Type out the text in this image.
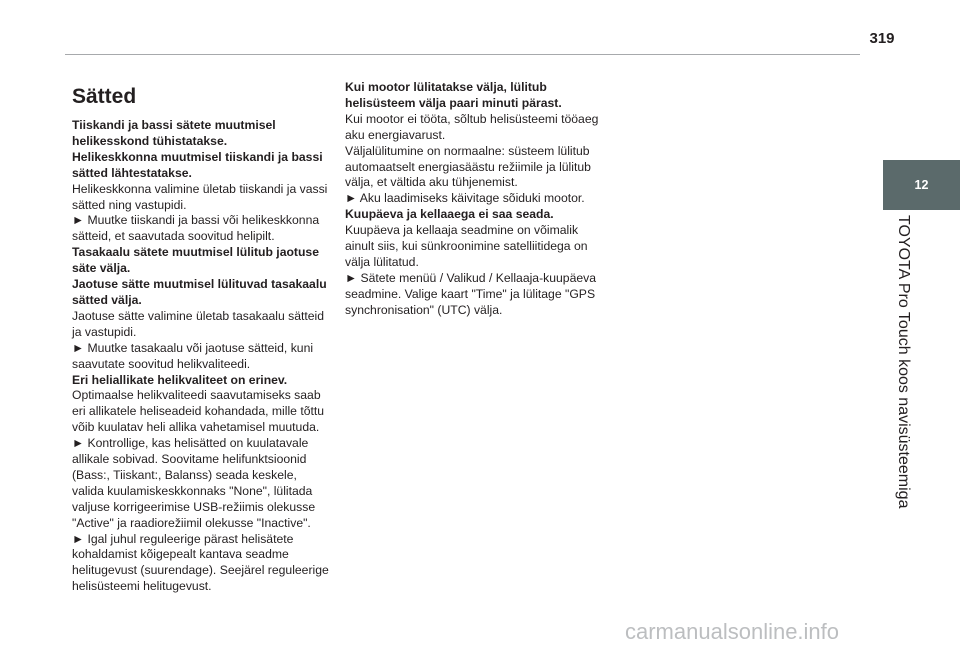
319
12
TOYOTA Pro Touch koos navisüsteemiga
Sätted

Tiiskandi ja bassi sätete muutmisel helikesskond tühistatakse.

Helikeskkonna muutmisel tiiskandi ja bassi sätted lähtestatakse.

Helikeskkonna valimine ületab tiiskandi ja vassi sätted ning vastupidi.

► Muutke tiiskandi ja bassi või helikeskkonna sätteid, et saavutada soovitud helipilt.

Tasakaalu sätete muutmisel lülitub jaotuse säte välja.

Jaotuse sätte muutmisel lülituvad tasakaalu sätted välja.

Jaotuse sätte valimine ületab tasakaalu sätteid ja vastupidi.

► Muutke tasakaalu või jaotuse sätteid, kuni saavutate soovitud helikvaliteedi.

Eri heliallikate helikvaliteet on erinev.

Optimaalse helikvaliteedi saavutamiseks saab eri allikatele heliseadeid kohandada, mille tõttu võib kuulatav heli allika vahetamisel muutuda.

► Kontrollige, kas helisätted on kuulatavale allikale sobivad. Soovitame helifunktsioonid (Bass:, Tiiskant:, Balanss) seada keskele, valida kuulamiskeskkonnaks "None", lülitada valjuse korrigeerimise USB-režiimis olekusse "Active" ja raadiorežiimil olekusse "Inactive".

► Igal juhul reguleerige pärast helisätete kohaldamist kõigepealt kantava seadme helitugevust (suurendage). Seejärel reguleerige helisüsteemi helitugevust.

Kui mootor lülitatakse välja, lülitub helisüsteem välja paari minuti pärast.

Kui mootor ei tööta, sõltub helisüsteemi tööaeg aku energiavarust.

Väljalülitumine on normaalne: süsteem lülitub automaatselt energiasäästu režiimile ja lülitub välja, et vältida aku tühjenemist.

► Aku laadimiseks käivitage sõiduki mootor.

Kuupäeva ja kellaaega ei saa seada.

Kuupäeva ja kellaaja seadmine on võimalik ainult siis, kui sünkroonimine satelliitidega on välja lülitatud.

► Sätete menüü / Valikud / Kellaaja-kuupäeva seadmine. Valige kaart "Time" ja lülitage "GPS synchronisation" (UTC) välja.

carmanualsonline.info
